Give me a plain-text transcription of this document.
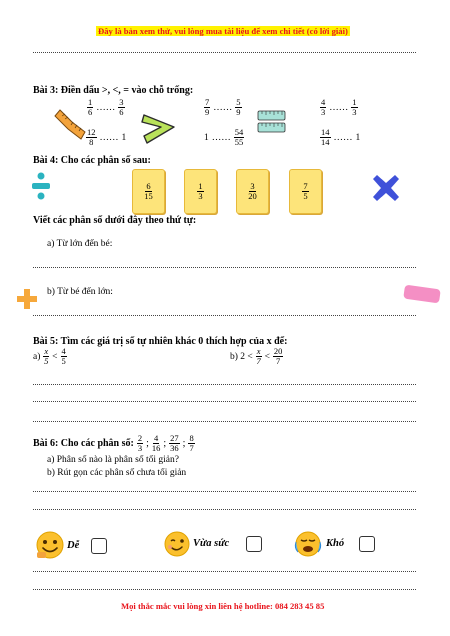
Đây là bản xem thử, vui lòng mua tài liệu để xem chi tiết (có lời giải)
Bài 3: Điền dấu >, <, = vào chỗ trống:
$\frac{1}{6}$ …… $\frac{3}{6}$	$\frac{7}{9}$ …… $\frac{5}{9}$	$\frac{4}{3}$ …… $\frac{1}{3}$
$\frac{12}{8}$ …… 1	1 …… $\frac{54}{55}$	$\frac{14}{14}$ …… 1
Bài 4: Cho các phân số sau:
$\frac{6}{15}$	$\frac{1}{3}$	$\frac{3}{20}$	$\frac{7}{5}$
Viết các phân số dưới đây theo thứ tự:
a) Từ lớn đến bé:
b) Từ bé đến lớn:
Bài 5: Tìm các giá trị số tự nhiên khác 0 thích hợp của x để:
$a) \frac{x}{5} < \frac{4}{5}$	b) $2 < \frac{x}{7} < \frac{20}{7}$
Bài 6: Cho các phân số: $\frac{2}{3}$ ; $\frac{4}{16}$ ; $\frac{27}{36}$ ; $\frac{8}{7}$
a) Phân số nào là phân số tối giản?
b) Rút gọn các phân số chưa tối giản
Dễ	Vừa sức	Khó
Mọi thắc mắc vui lòng xin liên hệ hotline: 084 283 45 85
